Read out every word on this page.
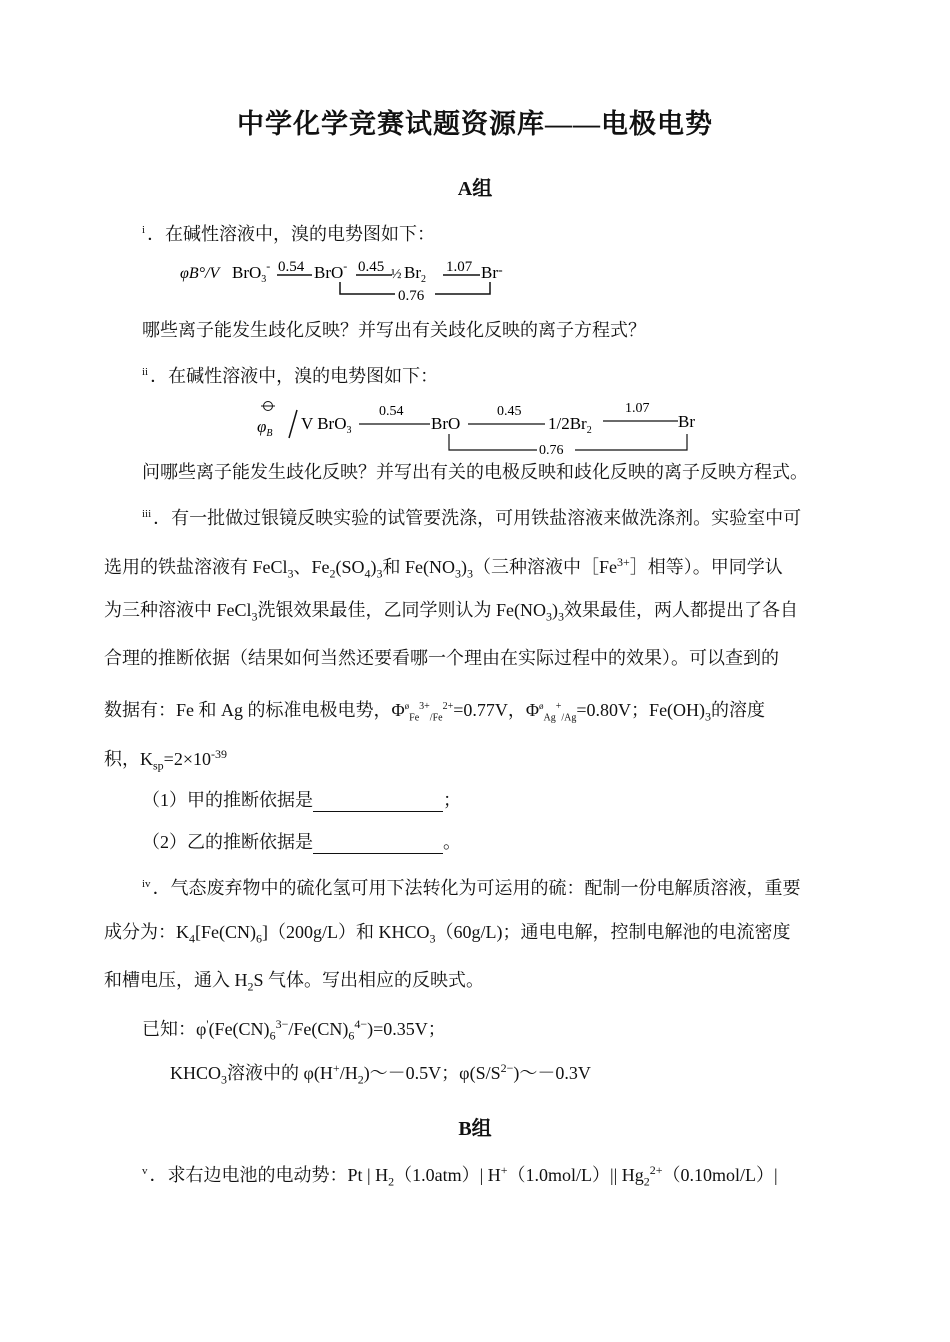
中学化学竞赛试题资源库——电极电势
A组
$^i$ ．在碱性溶液中，溴的电势图如下：
φB°/V BrO$_3$- 0.54 BrO- 0.45 ½ $Br_2$
1.07 Br-
0.76
哪些离子能发生歧化反映？并写出有关歧化反映的离子方程式？
$^{ii}$ ．在碱性溶液中，溴的电势图如下：
$\varphi_B$
V BrO$_3$
0.54
BrO
0.45
$1/2Br_2$
1.07
Br
0.76
问哪些离子能发生歧化反映？并写出有关的电极反映和歧化反映的离子反映方程式。
$^{iii}$ ．有一批做过银镜反映实验的试管要洗涤，可用铁盐溶液来做洗涤剂。实验室中可
选用的铁盐溶液有 FeCl$_3$、$Fe_2(SO_4)_3$和 $Fe(NO_3)_3$（三种溶液中$[Fe^{3+}]$相等）。甲同学认
为三种溶液中 FeCl$_3$洗银效果最佳，乙同学则认为 $Fe(NO_3)_3$效果最佳，两人都提出了各自
合理的推断依据（结果如何当然还要看哪一个理由在实际过程中的效果）。可以查到的
数据有：Fe 和 Ag 的标准电极电势，$\Phi^ø_{Fe}^{3+}_{/Fe}^{2+}=0.77V$，$\Phi^ø_{Ag}^+_{/Ag}=0.80V$；$Fe(OH)_3$的溶度
积，$K_{sp}=2\times 10^{-39}$
（1）甲的推断依据是	；
（2）乙的推断依据是	。
$^{iv}$ ．气态废弃物中的硫化氢可用下法转化为可运用的硫：配制一份电解质溶液，重要
成分为：$K_4[Fe(CN)_6](200g/L)$和 $KHCO_3(60g/L)$；通电电解，控制电解池的电流密度
和槽电压，通入 $H_2S$ 气体。写出相应的反映式。
已知：$\varphi'(Fe(CN)_6^{3-}/Fe(CN)_6^{4-})=0.35V$；
$KHCO_3$溶液中的 $\varphi(H^+/H_2)\sim-0.5V$；$\varphi(S/S^{2-})\sim-0.3V$
B组
$^v$ ．求右边电池的电动势：Pt | $H_2(1.0atm)|$ H+（1.0mol/L）|| $Hg_2^{2+}(0.10mol/L)|$
